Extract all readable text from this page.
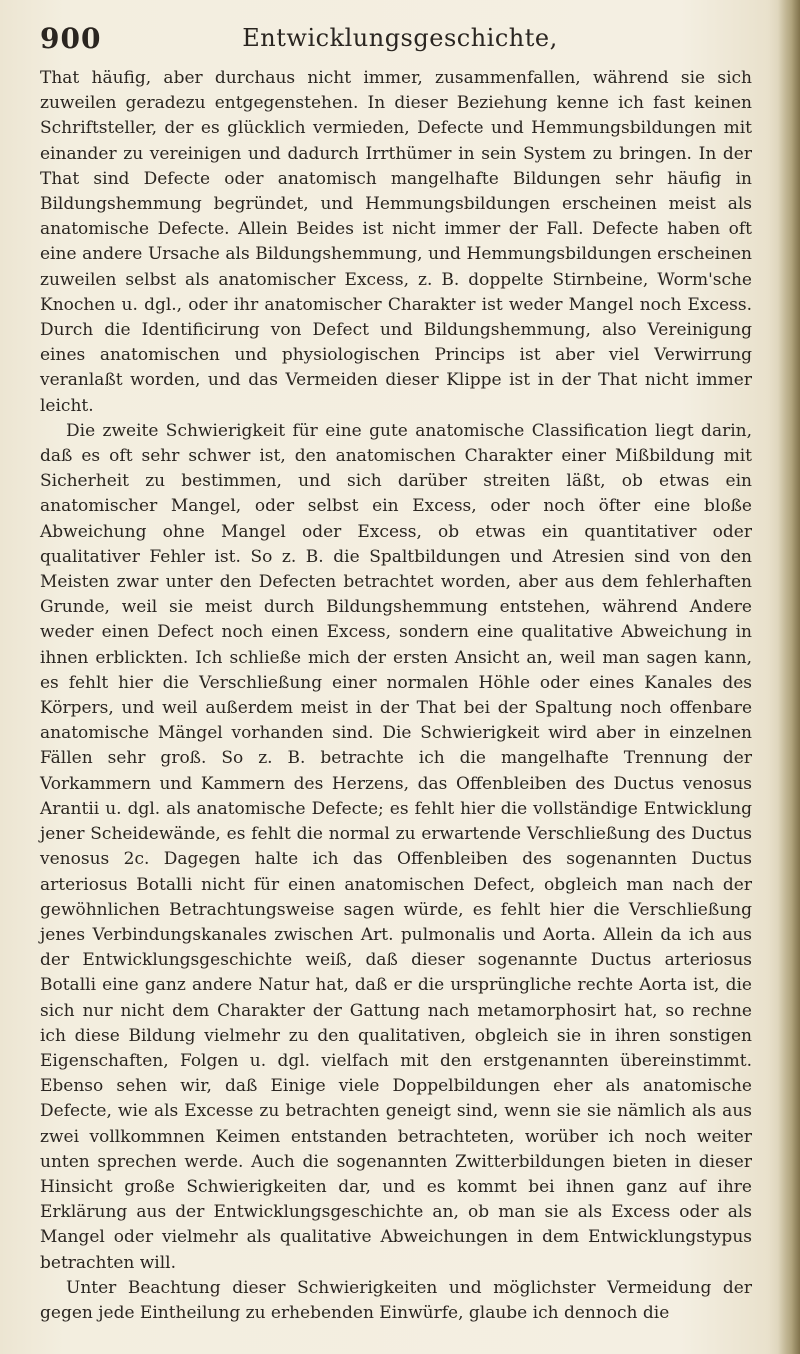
900	Entwicklungsgeschichte,

That häufig, aber durchaus nicht immer, zusammenfallen, während sie sich zuweilen geradezu entgegenstehen. In dieser Beziehung kenne ich fast keinen Schriftsteller, der es glücklich vermieden, Defecte und Hemmungsbildungen mit einander zu vereinigen und dadurch Irrthümer in sein System zu bringen. In der That sind Defecte oder anatomisch mangelhafte Bildungen sehr häufig in Bildungshemmung begründet, und Hemmungsbildungen erscheinen meist als anatomische Defecte. Allein Beides ist nicht immer der Fall. Defecte haben oft eine andere Ursache als Bildungshemmung, und Hemmungsbildungen erscheinen zuweilen selbst als anatomischer Excess, z. B. doppelte Stirnbeine, Worm'sche Knochen u. dgl., oder ihr anatomischer Charakter ist weder Mangel noch Excess. Durch die Identificirung von Defect und Bildungshemmung, also Vereinigung eines anatomischen und physiologischen Princips ist aber viel Verwirrung veranlaßt worden, und das Vermeiden dieser Klippe ist in der That nicht immer leicht.

Die zweite Schwierigkeit für eine gute anatomische Classification liegt darin, daß es oft sehr schwer ist, den anatomischen Charakter einer Mißbildung mit Sicherheit zu bestimmen, und sich darüber streiten läßt, ob etwas ein anatomischer Mangel, oder selbst ein Excess, oder noch öfter eine bloße Abweichung ohne Mangel oder Excess, ob etwas ein quantitativer oder qualitativer Fehler ist. So z. B. die Spaltbildungen und Atresien sind von den Meisten zwar unter den Defecten betrachtet worden, aber aus dem fehlerhaften Grunde, weil sie meist durch Bildungshemmung entstehen, während Andere weder einen Defect noch einen Excess, sondern eine qualitative Abweichung in ihnen erblickten. Ich schließe mich der ersten Ansicht an, weil man sagen kann, es fehlt hier die Verschließung einer normalen Höhle oder eines Kanales des Körpers, und weil außerdem meist in der That bei der Spaltung noch offenbare anatomische Mängel vorhanden sind. Die Schwierigkeit wird aber in einzelnen Fällen sehr groß. So z. B. betrachte ich die mangelhafte Trennung der Vorkammern und Kammern des Herzens, das Offenbleiben des Ductus venosus Arantii u. dgl. als anatomische Defecte; es fehlt hier die vollständige Entwicklung jener Scheidewände, es fehlt die normal zu erwartende Verschließung des Ductus venosus 2c. Dagegen halte ich das Offenbleiben des sogenannten Ductus arteriosus Botalli nicht für einen anatomischen Defect, obgleich man nach der gewöhnlichen Betrachtungsweise sagen würde, es fehlt hier die Verschließung jenes Verbindungskanales zwischen Art. pulmonalis und Aorta. Allein da ich aus der Entwicklungsgeschichte weiß, daß dieser sogenannte Ductus arteriosus Botalli eine ganz andere Natur hat, daß er die ursprüngliche rechte Aorta ist, die sich nur nicht dem Charakter der Gattung nach metamorphosirt hat, so rechne ich diese Bildung vielmehr zu den qualitativen, obgleich sie in ihren sonstigen Eigenschaften, Folgen u. dgl. vielfach mit den erstgenannten übereinstimmt. Ebenso sehen wir, daß Einige viele Doppelbildungen eher als anatomische Defecte, wie als Excesse zu betrachten geneigt sind, wenn sie sie nämlich als aus zwei vollkommnen Keimen entstanden betrachteten, worüber ich noch weiter unten sprechen werde. Auch die sogenannten Zwitterbildungen bieten in dieser Hinsicht große Schwierigkeiten dar, und es kommt bei ihnen ganz auf ihre Erklärung aus der Entwicklungsgeschichte an, ob man sie als Excess oder als Mangel oder vielmehr als qualitative Abweichungen in dem Entwicklungstypus betrachten will.

Unter Beachtung dieser Schwierigkeiten und möglichster Vermeidung der gegen jede Eintheilung zu erhebenden Einwürfe, glaube ich dennoch die
